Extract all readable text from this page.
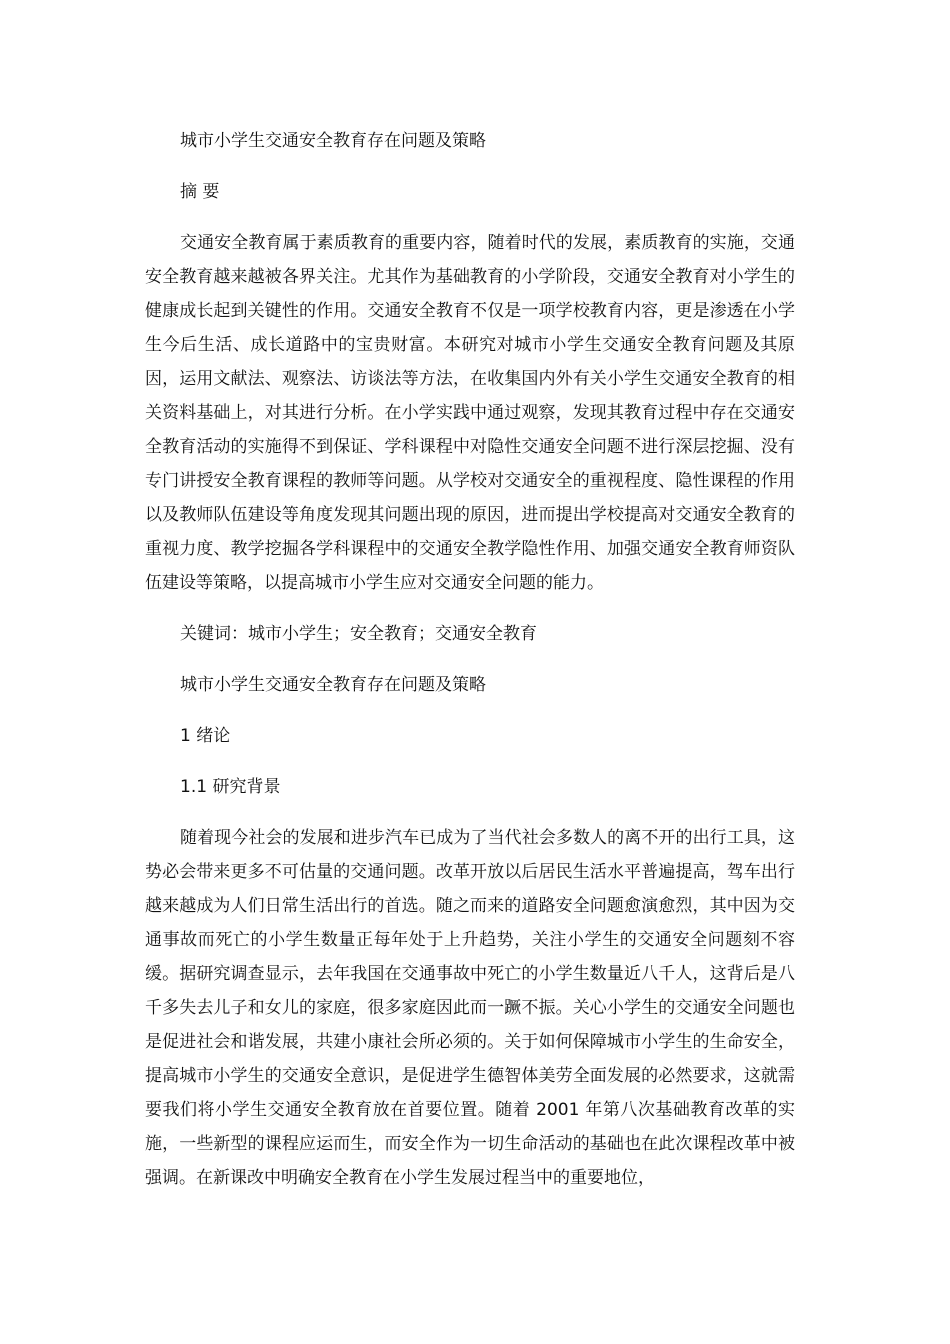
城市小学生交通安全教育存在问题及策略

摘 要

交通安全教育属于素质教育的重要内容，随着时代的发展，素质教育的实施，交通安全教育越来越被各界关注。尤其作为基础教育的小学阶段，交通安全教育对小学生的健康成长起到关键性的作用。交通安全教育不仅是一项学校教育内容，更是渗透在小学生今后生活、成长道路中的宝贵财富。本研究对城市小学生交通安全教育问题及其原因，运用文献法、观察法、访谈法等方法，在收集国内外有关小学生交通安全教育的相关资料基础上，对其进行分析。在小学实践中通过观察，发现其教育过程中存在交通安全教育活动的实施得不到保证、学科课程中对隐性交通安全问题不进行深层挖掘、没有专门讲授安全教育课程的教师等问题。从学校对交通安全的重视程度、隐性课程的作用以及教师队伍建设等角度发现其问题出现的原因，进而提出学校提高对交通安全教育的重视力度、教学挖掘各学科课程中的交通安全教学隐性作用、加强交通安全教育师资队伍建设等策略，以提高城市小学生应对交通安全问题的能力。

关键词：城市小学生；安全教育；交通安全教育

城市小学生交通安全教育存在问题及策略

1 绪论

1.1 研究背景

随着现今社会的发展和进步汽车已成为了当代社会多数人的离不开的出行工具，这势必会带来更多不可估量的交通问题。改革开放以后居民生活水平普遍提高，驾车出行越来越成为人们日常生活出行的首选。随之而来的道路安全问题愈演愈烈，其中因为交通事故而死亡的小学生数量正每年处于上升趋势，关注小学生的交通安全问题刻不容缓。据研究调查显示，去年我国在交通事故中死亡的小学生数量近八千人，这背后是八千多失去儿子和女儿的家庭，很多家庭因此而一蹶不振。关心小学生的交通安全问题也是促进社会和谐发展，共建小康社会所必须的。关于如何保障城市小学生的生命安全，提高城市小学生的交通安全意识，是促进学生德智体美劳全面发展的必然要求，这就需要我们将小学生交通安全教育放在首要位置。随着 2001 年第八次基础教育改革的实施，一些新型的课程应运而生，而安全作为一切生命活动的基础也在此次课程改革中被强调。在新课改中明确安全教育在小学生发展过程当中的重要地位，
